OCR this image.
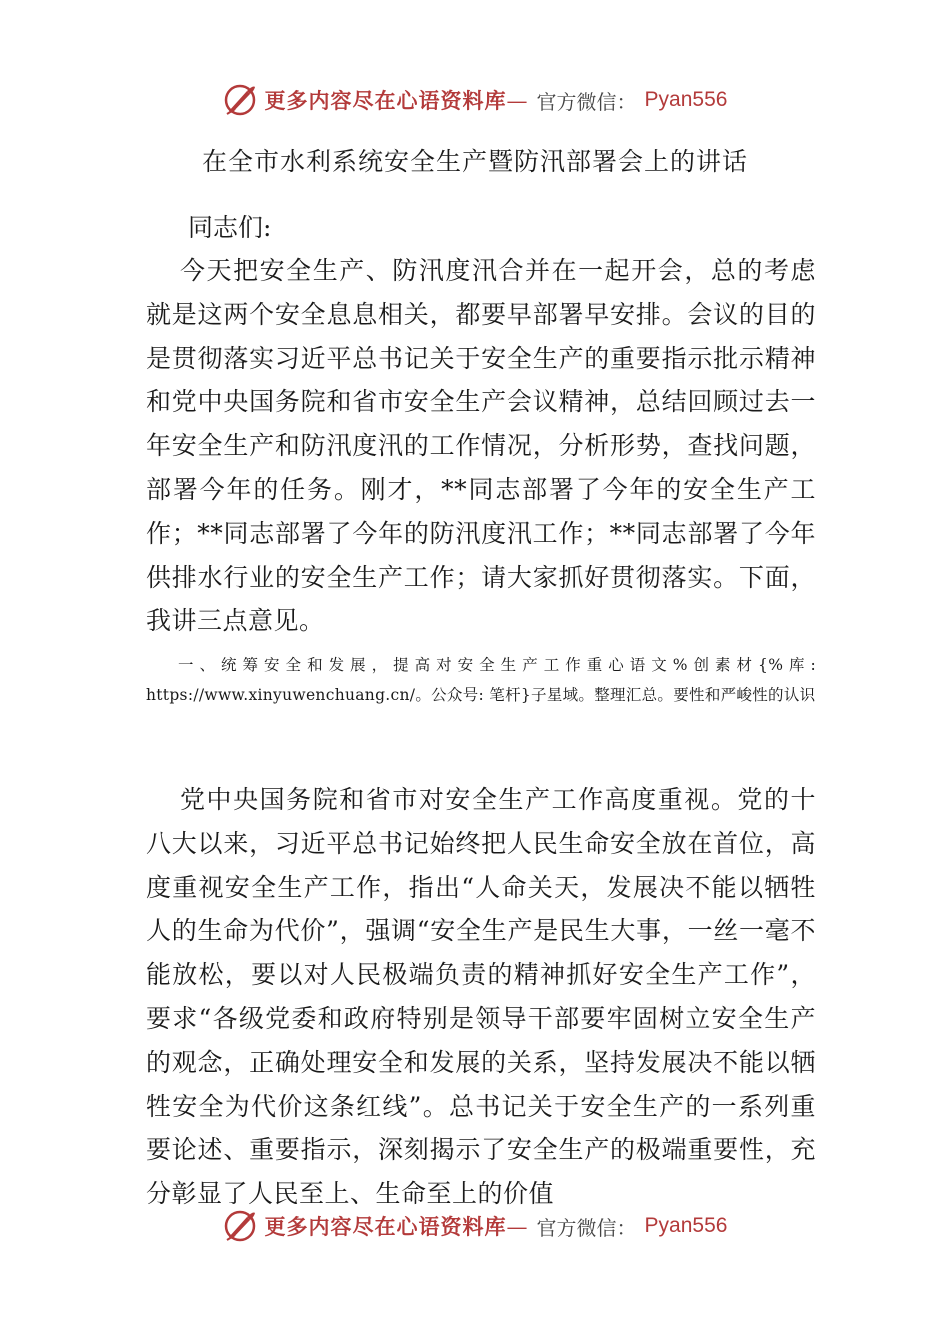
更多内容尽在心语资料库— 官方微信： Pyan556
在全市水利系统安全生产暨防汛部署会上的讲话
同志们:

今天把安全生产、防汛度汛合并在一起开会，总的考虑就是这两个安全息息相关，都要早部署早安排。会议的目的是贯彻落实习近平总书记关于安全生产的重要指示批示精神和党中央国务院和省市安全生产会议精神，总结回顾过去一年安全生产和防汛度汛的工作情况，分析形势，查找问题，部署今年的任务。刚才，**同志部署了今年的安全生产工作；**同志部署了今年的防汛度汛工作；**同志部署了今年供排水行业的安全生产工作；请大家抓好贯彻落实。下面，我讲三点意见。

一、统筹安全和发展，提高对安全生产工作重心语文%创素材{%库: https://www.xinyuwenchuang.cn/。公众号: 笔杆}子星域。整理汇总。要性和严峻性的认识

党中央国务院和省市对安全生产工作高度重视。党的十八大以来，习近平总书记始终把人民生命安全放在首位，高度重视安全生产工作，指出“人命关天，发展决不能以牺牲人的生命为代价”，强调“安全生产是民生大事，一丝一毫不能放松，要以对人民极端负责的精神抓好安全生产工作”，要求“各级党委和政府特别是领导干部要牢固树立安全生产的观念，正确处理安全和发展的关系，坚持发展决不能以牺牲安全为代价这条红线”。总书记关于安全生产的一系列重要论述、重要指示，深刻揭示了安全生产的极端重要性，充分彰显了人民至上、生命至上的价值

更多内容尽在心语资料库— 官方微信： Pyan556
